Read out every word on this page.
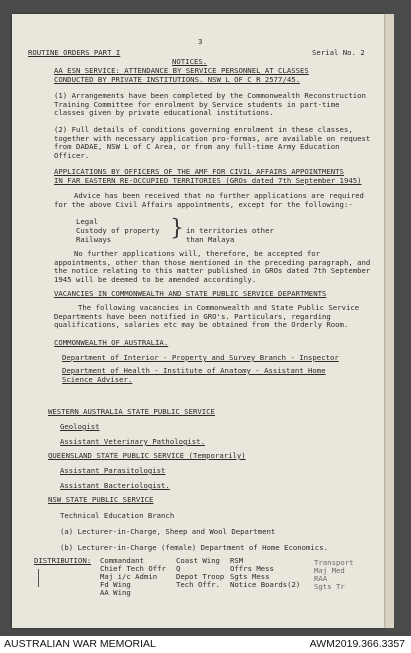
3
ROUTINE ORDERS PART I	Serial No. 2
NOTICES.
AA ESN SERVICE: ATTENDANCE BY SERVICE PERSONNEL AT CLASSES
CONDUCTED BY PRIVATE INSTITUTIONS. NSW L OF C R 2577/45.
(1) Arrangements have been completed by the Commonwealth Reconstruction Training Committee for enrolment by Service students in part-time classes given by private educational institutions.
(2) Full details of conditions governing enrolment in these classes, together with necessary application pro-formas, are available on request from DADAE, NSW L of C Area, or from any full-time Army Education Officer.
APPLICATIONS BY OFFICERS OF THE AMF FOR CIVIL AFFAIRS APPOINTMENTS
IN FAR EASTERN RE-OCCUPIED TERRITORIES (GROs dated 7th September 1945)
Advice has been received that no further applications are required for the above Civil Affairs appointments, except for the following:-
Legal
Custody of property
Railways	} in territories other
than Malaya
No further applications will, therefore, be accepted for appointments, other than those mentioned in the preceding paragraph, and the notice relating to this matter published in GROs dated 7th September 1945 will be deemed to be amended accordingly.
VACANCIES IN COMMONWEALTH AND STATE PUBLIC SERVICE DEPARTMENTS
The following vacancies in Commonwealth and State Public Service Departments have been notified in GRO's. Particulars, regarding qualifications, salaries etc may be obtained from the Orderly Room.
COMMONWEALTH OF AUSTRALIA.
Department of Interior - Property and Survey Branch - Inspector
Department of Health - Institute of Anatomy - Assistant Home
Science Adviser.
WESTERN AUSTRALIA STATE PUBLIC SERVICE
Geologist
Assistant Veterinary Pathologist.
QUEENSLAND STATE PUBLIC SERVICE (Temporarily)
Assistant Parasitologist
Assistant Bacteriologist.
NSW STATE PUBLIC SERVICE
Technical Education Branch
(a) Lecturer-in-Charge, Sheep and Wool Department
(b) Lecturer-in-Charge (female) Department of Home Economics.
DISTRIBUTION: Commandant
Chief Tech Offr
Maj i/c Admin
Fd Wing
AA Wing
Coast Wing
Q
Depot Troop
Tech Offr.
RSM
Offrs Mess
Sgts Mess
Notice Boards(2)
Transport
Maj Med
RAA
Sgts Tr
AUSTRALIAN WAR MEMORIAL	AWM2019.366.3357
